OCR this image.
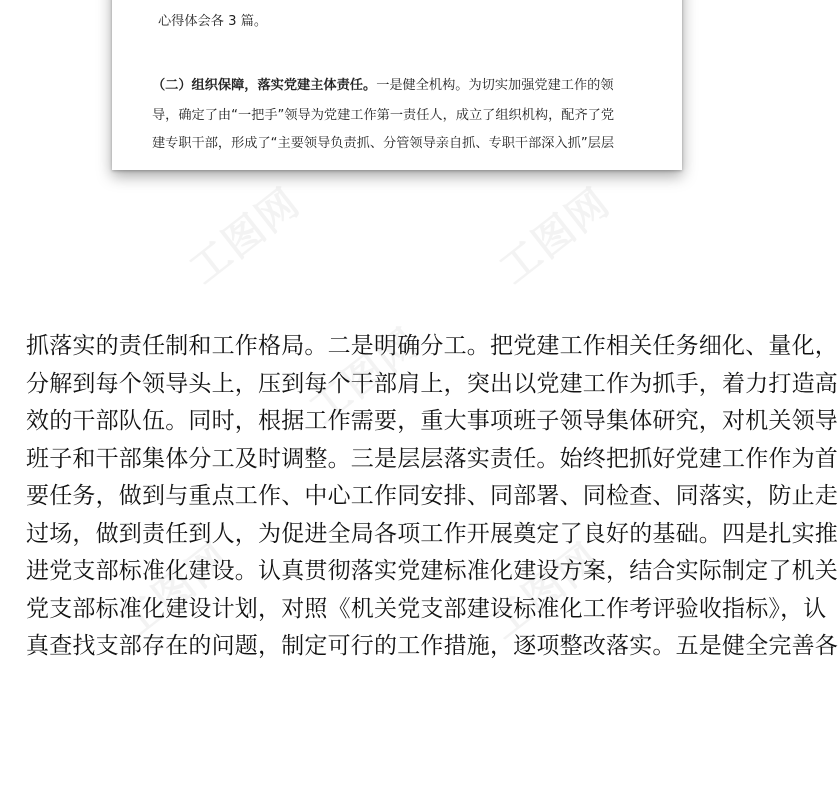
心得体会各 3 篇。
（二）组织保障，落实党建主体责任。一是健全机构。为切实加强党建工作的领
导，确定了由“一把手”领导为党建工作第一责任人，成立了组织机构，配齐了党
建专职干部，形成了“主要领导负责抓、分管领导亲自抓、专职干部深入抓”层层
工图网	工图网
工图网
工图网	工图网
抓落实的责任制和工作格局。二是明确分工。把党建工作相关任务细化、量化，
分解到每个领导头上，压到每个干部肩上，突出以党建工作为抓手，着力打造高
效的干部队伍。同时，根据工作需要，重大事项班子领导集体研究，对机关领导
班子和干部集体分工及时调整。三是层层落实责任。始终把抓好党建工作作为首
要任务，做到与重点工作、中心工作同安排、同部署、同检查、同落实，防止走
过场，做到责任到人，为促进全局各项工作开展奠定了良好的基础。四是扎实推
进党支部标准化建设。认真贯彻落实党建标准化建设方案，结合实际制定了机关
党支部标准化建设计划，对照《机关党支部建设标准化工作考评验收指标》，认
真查找支部存在的问题，制定可行的工作措施，逐项整改落实。五是健全完善各
